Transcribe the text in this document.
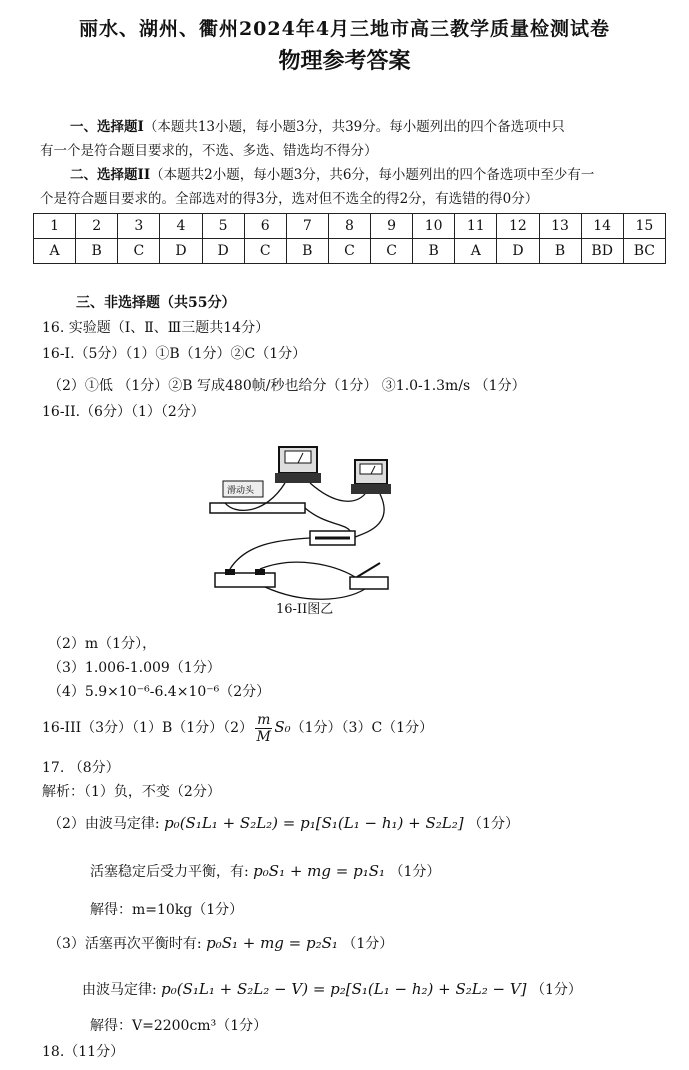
丽水、湖州、衢州2024年4月三地市高三教学质量检测试卷
物理参考答案
一、选择题I（本题共13小题，每小题3分，共39分。每小题列出的四个备选项中只
有一个是符合题目要求的，不选、多选、错选均不得分）
二、选择题II（本题共2小题，每小题3分，共6分，每小题列出的四个备选项中至少有一
个是符合题目要求的。全部选对的得3分，选对但不选全的得2分，有选错的得0分）
1	2	3	4	5	6	7	8	9	10	11	12	13	14	15
A	B	C	D	D	C	B	C	C	B	A	D	B	BD	BC
三、非选择题（共55分）
16. 实验题（Ⅰ、Ⅱ、Ⅲ三题共14分）
16-I.（5分）（1）①B（1分）②C（1分）
（2）①低 （1分）②B 写成480帧/秒也给分（1分） ③1.0-1.3m/s （1分）
16-II.（6分）（1）（2分）
滑动头
16-II图乙
（2）m（1分），
（3）1.006-1.009（1分）
（4）5.9×10⁻⁶-6.4×10⁻⁶（2分）
16-III（3分）（1）B（1分）$(2) \frac{m}{M} S_0(1$分）（3）C（1分）
17. （8分）
解析：（1）负，不变（2分）
（2）由波马定律: p₀(S₁L₁ + S₂L₂) = p₁[S₁(L₁ − h₁) + S₂L₂] （1分）
活塞稳定后受力平衡，有: p₀S₁ + mg = p₁S₁ （1分）
解得：m=10kg（1分）
（3）活塞再次平衡时有: p₀S₁ + mg = p₂S₁ （1分）
由波马定律: p₀(S₁L₁ + S₂L₂ − V) = p₂[S₁(L₁ − h₂) + S₂L₂ − V] （1分）
解得：V=2200cm³（1分）
18.（11分）
